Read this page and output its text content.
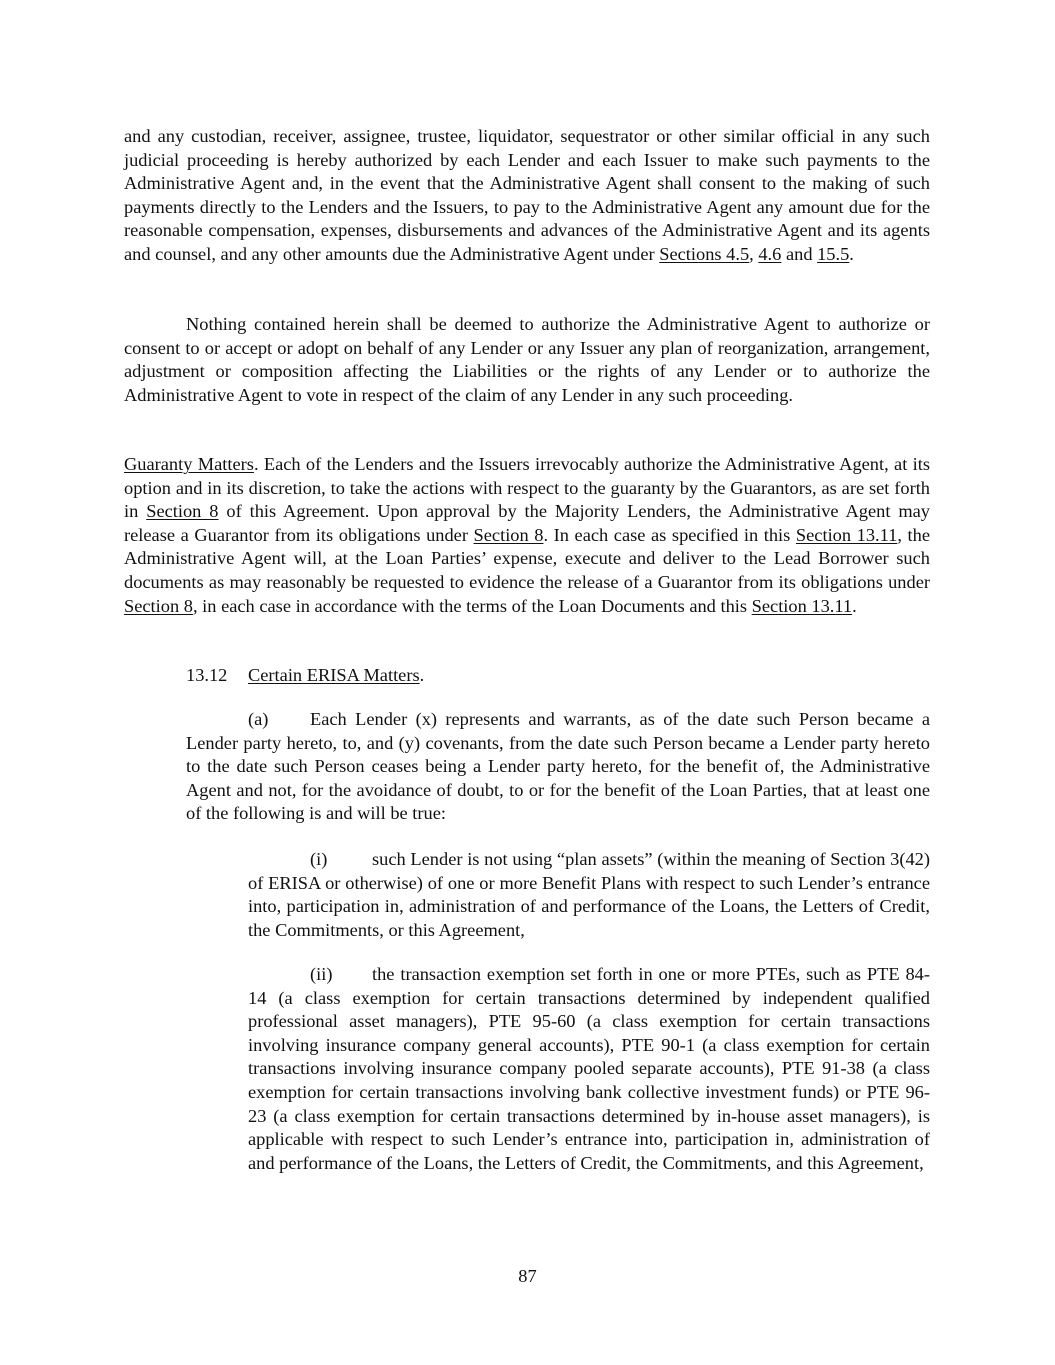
and any custodian, receiver, assignee, trustee, liquidator, sequestrator or other similar official in any such judicial proceeding is hereby authorized by each Lender and each Issuer to make such payments to the Administrative Agent and, in the event that the Administrative Agent shall consent to the making of such payments directly to the Lenders and the Issuers, to pay to the Administrative Agent any amount due for the reasonable compensation, expenses, disbursements and advances of the Administrative Agent and its agents and counsel, and any other amounts due the Administrative Agent under Sections 4.5, 4.6 and 15.5.

Nothing contained herein shall be deemed to authorize the Administrative Agent to authorize or consent to or accept or adopt on behalf of any Lender or any Issuer any plan of reorganization, arrangement, adjustment or composition affecting the Liabilities or the rights of any Lender or to authorize the Administrative Agent to vote in respect of the claim of any Lender in any such proceeding.

Guaranty Matters. Each of the Lenders and the Issuers irrevocably authorize the Administrative Agent, at its option and in its discretion, to take the actions with respect to the guaranty by the Guarantors, as are set forth in Section 8 of this Agreement. Upon approval by the Majority Lenders, the Administrative Agent may release a Guarantor from its obligations under Section 8. In each case as specified in this Section 13.11, the Administrative Agent will, at the Loan Parties’ expense, execute and deliver to the Lead Borrower such documents as may reasonably be requested to evidence the release of a Guarantor from its obligations under Section 8, in each case in accordance with the terms of the Loan Documents and this Section 13.11.

13.12 Certain ERISA Matters.

(a) Each Lender (x) represents and warrants, as of the date such Person became a Lender party hereto, to, and (y) covenants, from the date such Person became a Lender party hereto to the date such Person ceases being a Lender party hereto, for the benefit of, the Administrative Agent and not, for the avoidance of doubt, to or for the benefit of the Loan Parties, that at least one of the following is and will be true:

(i) such Lender is not using “plan assets” (within the meaning of Section 3(42) of ERISA or otherwise) of one or more Benefit Plans with respect to such Lender’s entrance into, participation in, administration of and performance of the Loans, the Letters of Credit, the Commitments, or this Agreement,

(ii) the transaction exemption set forth in one or more PTEs, such as PTE 84-14 (a class exemption for certain transactions determined by independent qualified professional asset managers), PTE 95-60 (a class exemption for certain transactions involving insurance company general accounts), PTE 90-1 (a class exemption for certain transactions involving insurance company pooled separate accounts), PTE 91-38 (a class exemption for certain transactions involving bank collective investment funds) or PTE 96-23 (a class exemption for certain transactions determined by in-house asset managers), is applicable with respect to such Lender’s entrance into, participation in, administration of and performance of the Loans, the Letters of Credit, the Commitments, and this Agreement,

87
